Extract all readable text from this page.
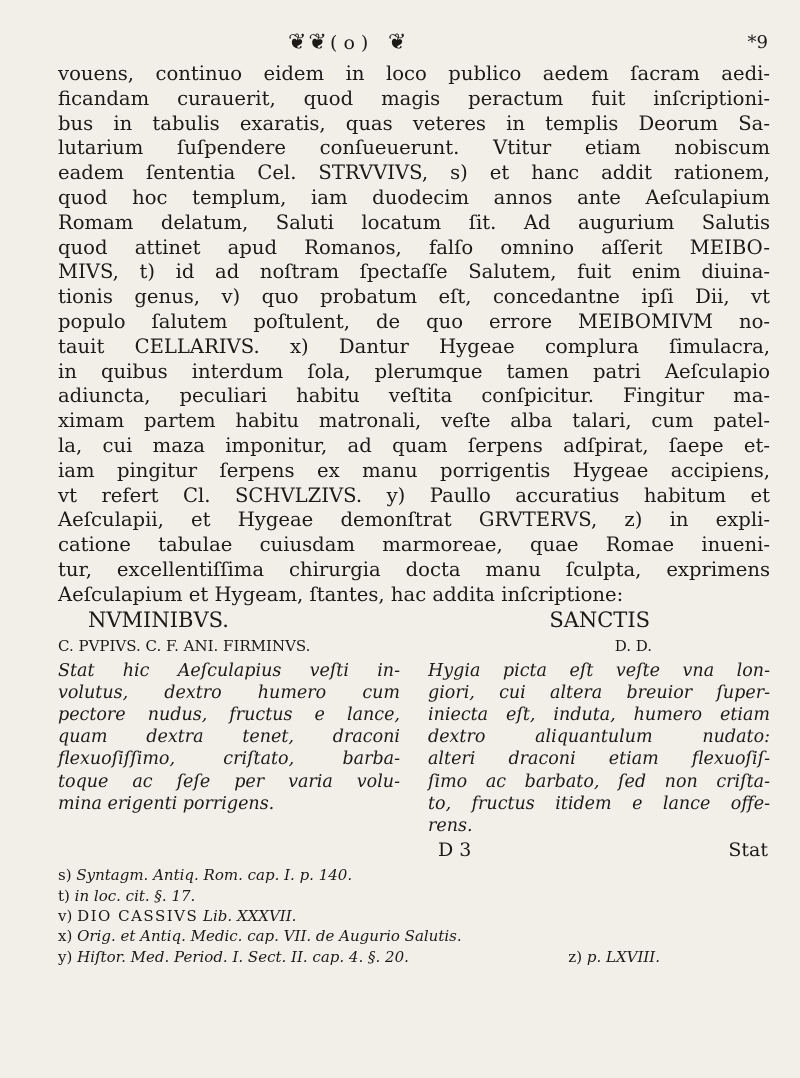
❦❦ ( o ) ❦	*9
vouens, continuo eidem in loco publico aedem ſacram aedi-
ficandam curauerit, quod magis peractum fuit inſcriptioni-
bus in tabulis exaratis, quas veteres in templis Deorum Sa-
lutarium ſuſpendere conſueuerunt. Vtitur etiam nobiscum
eadem ſententia Cel. STRVVIVS, s) et hanc addit rationem,
quod hoc templum, iam duodecim annos ante Aeſculapium
Romam delatum, Saluti locatum ſit. Ad augurium Salutis
quod attinet apud Romanos, falſo omnino aſſerit MEIBO-
MIVS, t) id ad noſtram ſpectaſſe Salutem, fuit enim diuina-
tionis genus, v) quo probatum eſt, concedantne ipſi Dii, vt
populo ſalutem poſtulent, de quo errore MEIBOMIVM no-
tauit CELLARIVS. x) Dantur Hygeae complura ſimulacra,
in quibus interdum ſola, plerumque tamen patri Aeſculapio
adiuncta, peculiari habitu veſtita conſpicitur. Fingitur ma-
ximam partem habitu matronali, veſte alba talari, cum patel-
la, cui maza imponitur, ad quam ſerpens adſpirat, ſaepe et-
iam pingitur ſerpens ex manu porrigentis Hygeae accipiens,
vt refert Cl. SCHVLZIVS. y) Paullo accuratius habitum et
Aeſculapii, et Hygeae demonſtrat GRVTERVS, z) in expli-
catione tabulae cuiusdam marmoreae, quae Romae inueni-
tur, excellentiſſima chirurgia docta manu ſculpta, exprimens
Aeſculapium et Hygeam, ſtantes, hac addita inſcriptione:
NVMINIBVS.	SANCTIS
C. PVPIVS. C. F. ANI. FIRMINVS.	D. D.
Stat hic Aeſculapius veſti in-
volutus, dextro humero cum
pectore nudus, fructus e lance,
quam dextra tenet, draconi
flexuoſiſſimo, criſtato, barba-
toque ac ſeſe per varia volu-
mina erigenti porrigens.
Hygia picta eſt veſte vna lon-
giori, cui altera breuior ſuper-
iniecta eſt, induta, humero etiam
dextro aliquantulum nudato:
alteri draconi etiam flexuoſiſ-
ſimo ac barbato, ſed non criſta-
to, fructus itidem e lance offe-
rens.
D 3	Stat
s) Syntagm. Antiq. Rom. cap. I. p. 140.
t) in loc. cit. §. 17.
v) DIO CASSIVS Lib. XXXVII.
x) Orig. et Antiq. Medic. cap. VII. de Augurio Salutis.
y) Hiſtor. Med. Period. I. Sect. II. cap. 4. §. 20.	z) p. LXVIII.
